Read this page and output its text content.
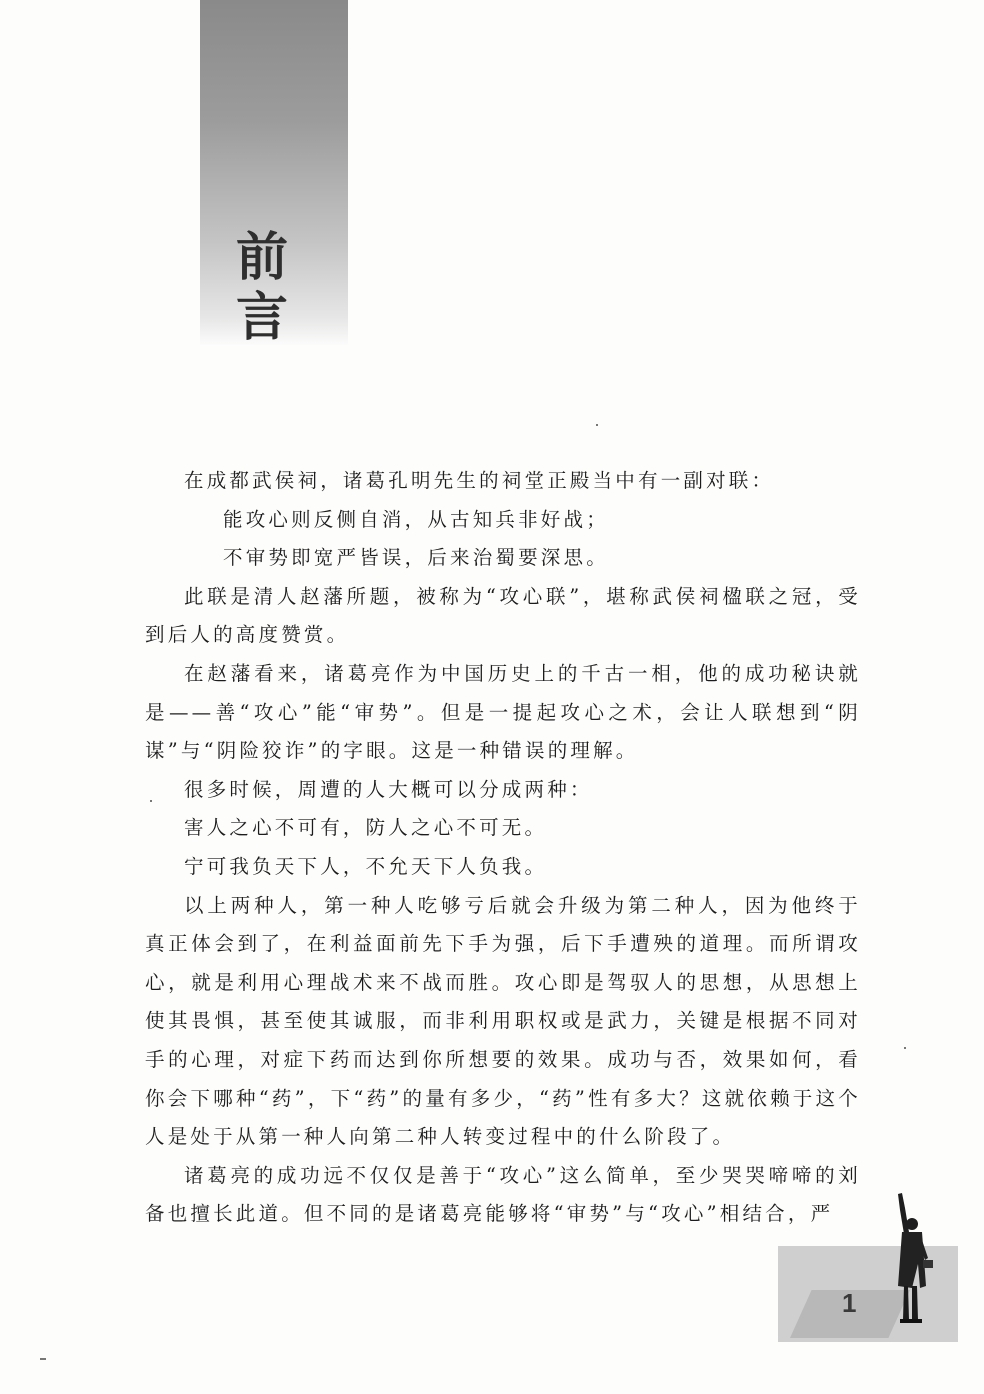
前
言

在成都武侯祠，诸葛孔明先生的祠堂正殿当中有一副对联：

能攻心则反侧自消，从古知兵非好战；

不审势即宽严皆误，后来治蜀要深思。

此联是清人赵藩所题，被称为“攻心联”，堪称武侯祠楹联之冠，受到后人的高度赞赏。

在赵藩看来，诸葛亮作为中国历史上的千古一相，他的成功秘诀就是——善“攻心”能“审势”。但是一提起攻心之术，会让人联想到“阴谋”与“阴险狡诈”的字眼。这是一种错误的理解。

很多时候，周遭的人大概可以分成两种：

害人之心不可有，防人之心不可无。

宁可我负天下人，不允天下人负我。

以上两种人，第一种人吃够亏后就会升级为第二种人，因为他终于真正体会到了，在利益面前先下手为强，后下手遭殃的道理。而所谓攻心，就是利用心理战术来不战而胜。攻心即是驾驭人的思想，从思想上使其畏惧，甚至使其诚服，而非利用职权或是武力，关键是根据不同对手的心理，对症下药而达到你所想要的效果。成功与否，效果如何，看你会下哪种“药”，下“药”的量有多少，“药”性有多大？这就依赖于这个人是处于从第一种人向第二种人转变过程中的什么阶段了。

诸葛亮的成功远不仅仅是善于“攻心”这么简单，至少哭哭啼啼的刘备也擅长此道。但不同的是诸葛亮能够将“审势”与“攻心”相结合，严

1
